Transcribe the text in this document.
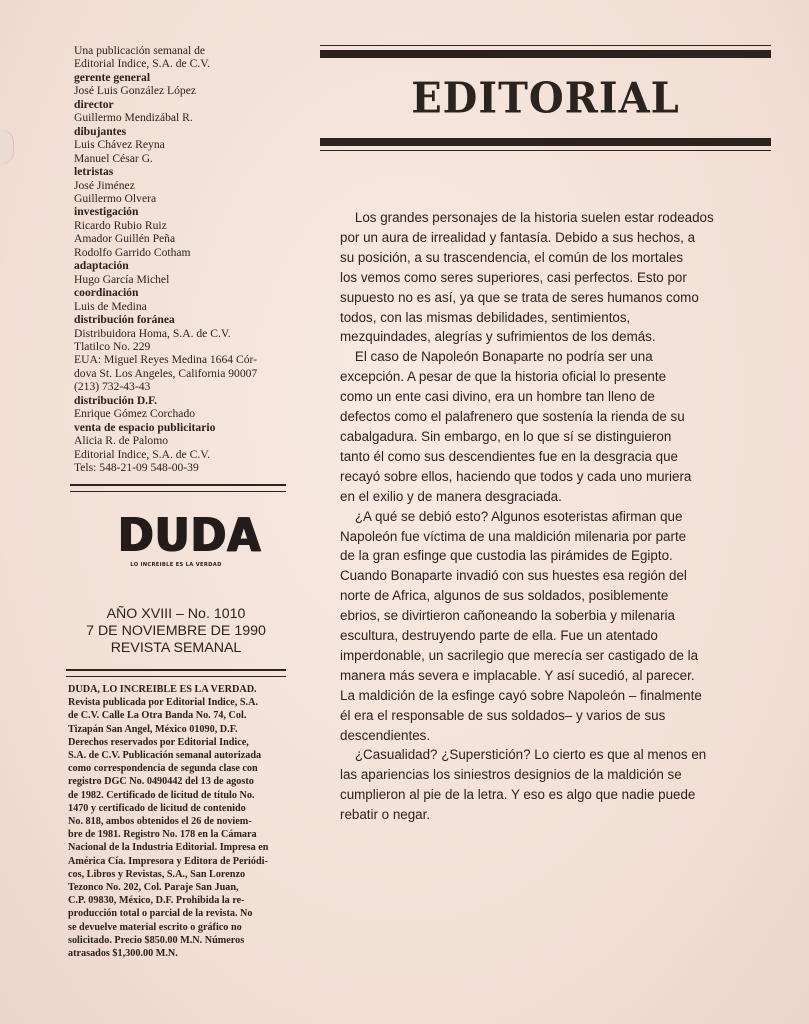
Una publicación semanal de
Editorial Indice, S.A. de C.V.
gerente general
José Luis González López
director
Guillermo Mendizábal R.
dibujantes
Luis Chávez Reyna
Manuel César G.
letristas
José Jiménez
Guillermo Olvera
investigación
Ricardo Rubio Ruiz
Amador Guillén Peña
Rodolfo Garrido Cotham
adaptación
Hugo García Michel
coordinación
Luis de Medina
distribución foránea
Distribuidora Homa, S.A. de C.V.
Tlatilco No. 229
EUA: Miguel Reyes Medina 1664 Cór-
dova St. Los Angeles, California 90007
(213) 732-43-43
distribución D.F.
Enrique Gómez Corchado
venta de espacio publicitario
Alicia R. de Palomo
Editorial Indice, S.A. de C.V.
Tels: 548-21-09 548-00-39
DUDA
LO INCREIBLE ES LA VERDAD
AÑO XVIII – No. 1010
7 DE NOVIEMBRE DE 1990
REVISTA SEMANAL
DUDA, LO INCREIBLE ES LA VERDAD.
Revista publicada por Editorial Indice, S.A.
de C.V. Calle La Otra Banda No. 74, Col.
Tizapán San Angel, México 01090, D.F.
Derechos reservados por Editorial Indice,
S.A. de C.V. Publicación semanal autorizada
como correspondencia de segunda clase con
registro DGC No. 0490442 del 13 de agosto
de 1982. Certificado de licitud de título No.
1470 y certificado de licitud de contenido
No. 818, ambos obtenidos el 26 de noviem-
bre de 1981. Registro No. 178 en la Cámara
Nacional de la Industria Editorial. Impresa en
América Cía. Impresora y Editora de Periódi-
cos, Libros y Revistas, S.A., San Lorenzo
Tezonco No. 202, Col. Paraje San Juan,
C.P. 09830, México, D.F. Prohibida la re-
producción total o parcial de la revista. No
se devuelve material escrito o gráfico no
solicitado. Precio $850.00 M.N. Números
atrasados $1,300.00 M.N.
EDITORIAL
Los grandes personajes de la historia suelen estar rodeados
por un aura de irrealidad y fantasía. Debido a sus hechos, a
su posición, a su trascendencia, el común de los mortales
los vemos como seres superiores, casi perfectos. Esto por
supuesto no es así, ya que se trata de seres humanos como
todos, con las mismas debilidades, sentimientos,
mezquindades, alegrías y sufrimientos de los demás.
El caso de Napoleón Bonaparte no podría ser una
excepción. A pesar de que la historia oficial lo presente
como un ente casi divino, era un hombre tan lleno de
defectos como el palafrenero que sostenía la rienda de su
cabalgadura. Sin embargo, en lo que sí se distinguieron
tanto él como sus descendientes fue en la desgracia que
recayó sobre ellos, haciendo que todos y cada uno muriera
en el exilio y de manera desgraciada.
¿A qué se debió esto? Algunos esoteristas afirman que
Napoleón fue víctima de una maldición milenaria por parte
de la gran esfinge que custodia las pirámides de Egipto.
Cuando Bonaparte invadió con sus huestes esa región del
norte de Africa, algunos de sus soldados, posiblemente
ebrios, se divirtieron cañoneando la soberbia y milenaria
escultura, destruyendo parte de ella. Fue un atentado
imperdonable, un sacrilegio que merecía ser castigado de la
manera más severa e implacable. Y así sucedió, al parecer.
La maldición de la esfinge cayó sobre Napoleón – finalmente
él era el responsable de sus soldados– y varios de sus
descendientes.
¿Casualidad? ¿Superstición? Lo cierto es que al menos en
las apariencias los siniestros designios de la maldición se
cumplieron al pie de la letra. Y eso es algo que nadie puede
rebatir o negar.
